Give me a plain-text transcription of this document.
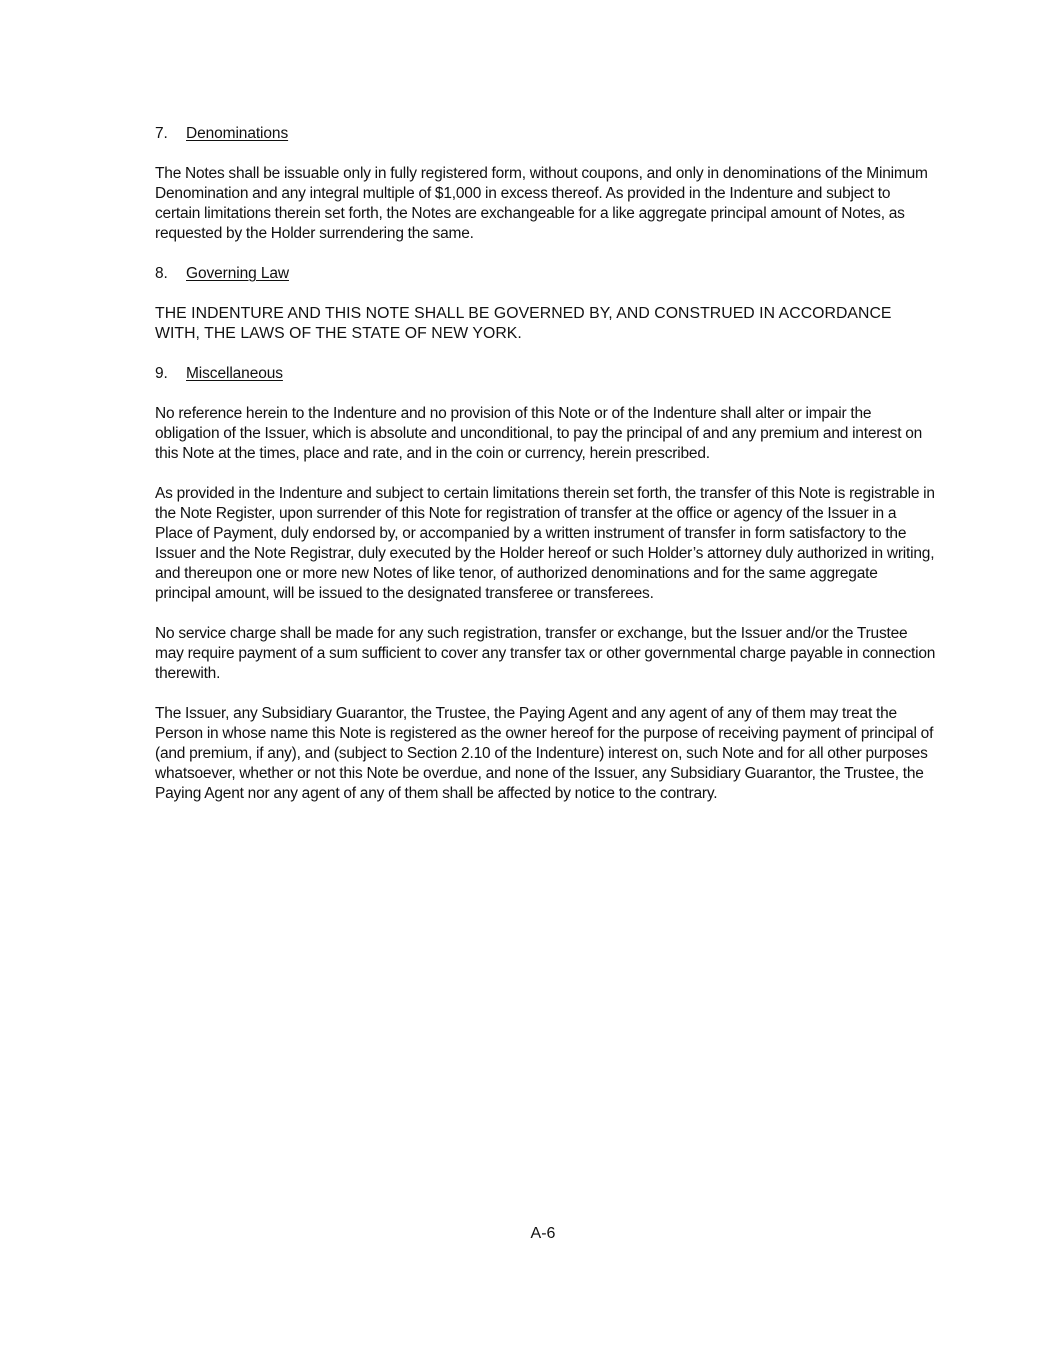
7. Denominations

The Notes shall be issuable only in fully registered form, without coupons, and only in denominations of the Minimum Denomination and any integral multiple of $1,000 in excess thereof. As provided in the Indenture and subject to certain limitations therein set forth, the Notes are exchangeable for a like aggregate principal amount of Notes, as requested by the Holder surrendering the same.

8. Governing Law

THE INDENTURE AND THIS NOTE SHALL BE GOVERNED BY, AND CONSTRUED IN ACCORDANCE WITH, THE LAWS OF THE STATE OF NEW YORK.

9. Miscellaneous

No reference herein to the Indenture and no provision of this Note or of the Indenture shall alter or impair the obligation of the Issuer, which is absolute and unconditional, to pay the principal of and any premium and interest on this Note at the times, place and rate, and in the coin or currency, herein prescribed.

As provided in the Indenture and subject to certain limitations therein set forth, the transfer of this Note is registrable in the Note Register, upon surrender of this Note for registration of transfer at the office or agency of the Issuer in a Place of Payment, duly endorsed by, or accompanied by a written instrument of transfer in form satisfactory to the Issuer and the Note Registrar, duly executed by the Holder hereof or such Holder’s attorney duly authorized in writing, and thereupon one or more new Notes of like tenor, of authorized denominations and for the same aggregate principal amount, will be issued to the designated transferee or transferees.

No service charge shall be made for any such registration, transfer or exchange, but the Issuer and/or the Trustee may require payment of a sum sufficient to cover any transfer tax or other governmental charge payable in connection therewith.

The Issuer, any Subsidiary Guarantor, the Trustee, the Paying Agent and any agent of any of them may treat the Person in whose name this Note is registered as the owner hereof for the purpose of receiving payment of principal of (and premium, if any), and (subject to Section 2.10 of the Indenture) interest on, such Note and for all other purposes whatsoever, whether or not this Note be overdue, and none of the Issuer, any Subsidiary Guarantor, the Trustee, the Paying Agent nor any agent of any of them shall be affected by notice to the contrary.

A-6
